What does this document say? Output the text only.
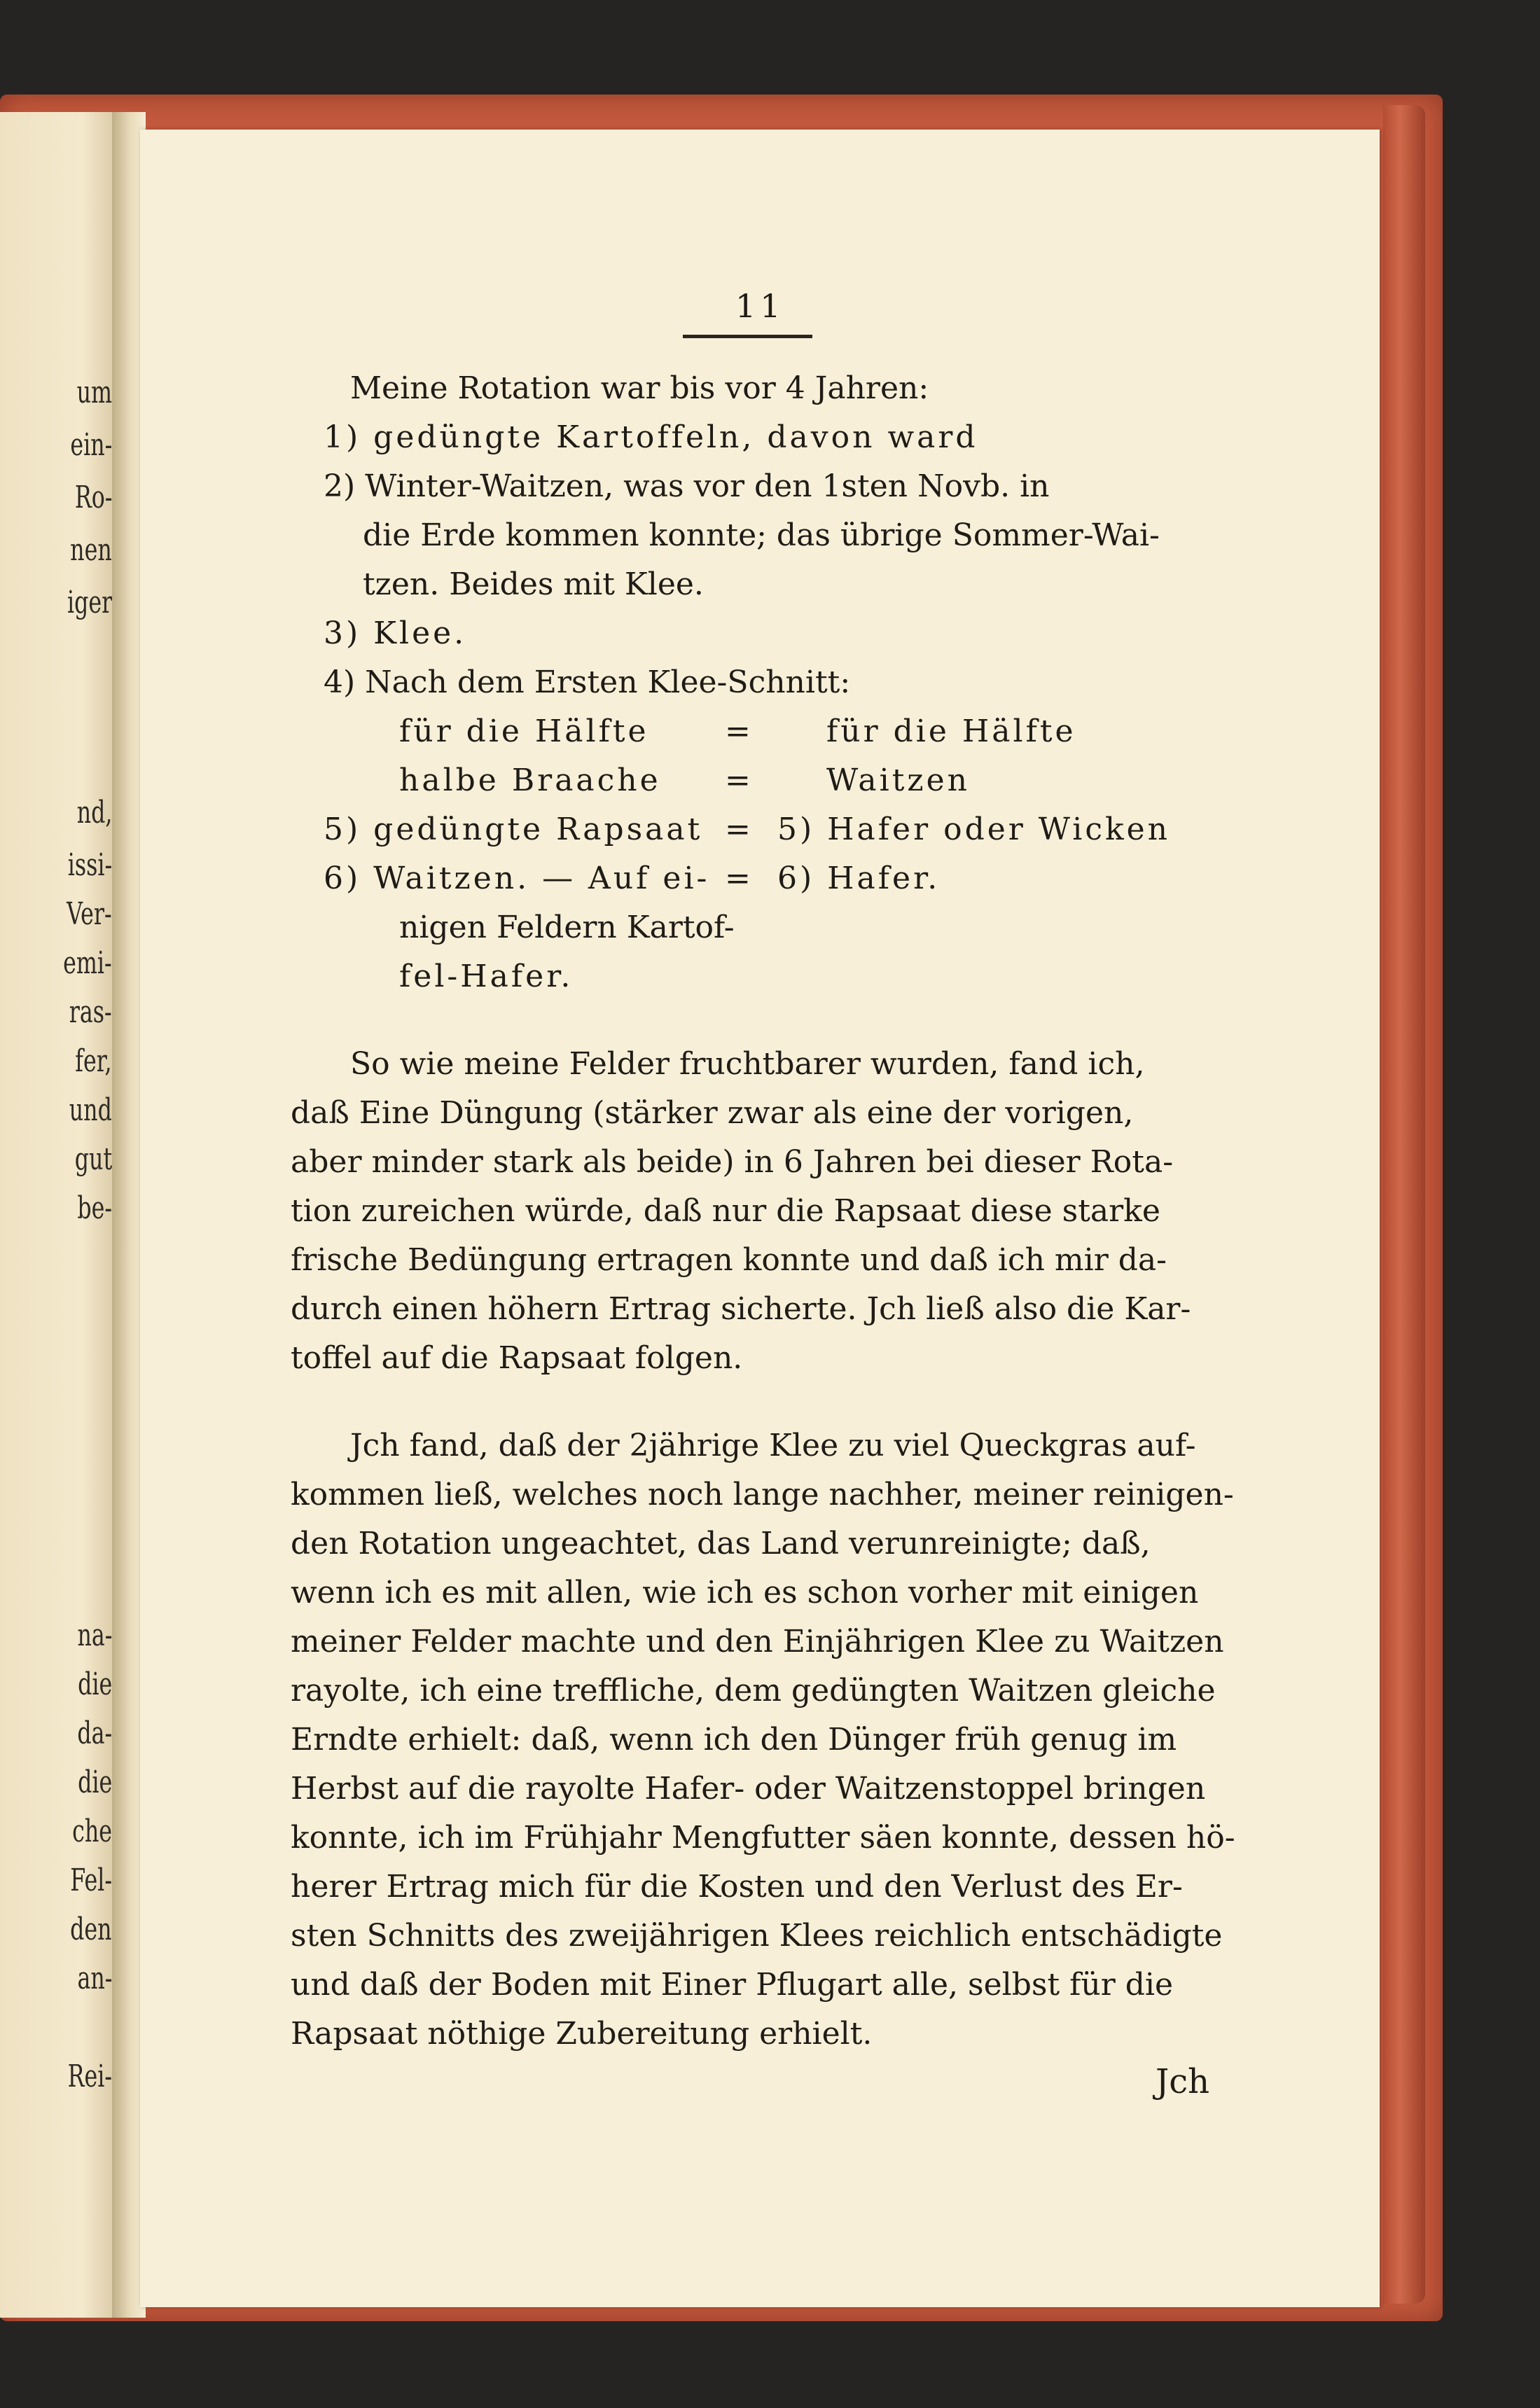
um
ein-
Ro-
nen
iger
nd,
issi-
Ver-
emi-
ras-
fer,
und
gut
be-
na-
die
da-
die
che
Fel-
den
an-
Rei-
11
Meine Rotation war bis vor 4 Jahren:
1) gedüngte Kartoffeln, davon ward
2) Winter-Waitzen, was vor den 1sten Novb. in
die Erde kommen konnte; das übrige Sommer-Wai-
tzen. Beides mit Klee.
3) Klee.
4) Nach dem Ersten Klee-Schnitt:
für die Hälfte = für die Hälfte
halbe Braache = Waitzen
5) gedüngte Rapsaat = 5) Hafer oder Wicken
6) Waitzen. — Auf ei- = 6) Hafer.
nigen Feldern Kartof-
fel-Hafer.
So wie meine Felder fruchtbarer wurden, fand ich,
daß Eine Düngung (stärker zwar als eine der vorigen,
aber minder stark als beide) in 6 Jahren bei dieser Rota-
tion zureichen würde, daß nur die Rapsaat diese starke
frische Bedüngung ertragen konnte und daß ich mir da-
durch einen höhern Ertrag sicherte. Jch ließ also die Kar-
toffel auf die Rapsaat folgen.
Jch fand, daß der 2jährige Klee zu viel Queckgras auf-
kommen ließ, welches noch lange nachher, meiner reinigen-
den Rotation ungeachtet, das Land verunreinigte; daß,
wenn ich es mit allen, wie ich es schon vorher mit einigen
meiner Felder machte und den Einjährigen Klee zu Waitzen
rayolte, ich eine treffliche, dem gedüngten Waitzen gleiche
Erndte erhielt: daß, wenn ich den Dünger früh genug im
Herbst auf die rayolte Hafer- oder Waitzenstoppel bringen
konnte, ich im Frühjahr Mengfutter säen konnte, dessen hö-
herer Ertrag mich für die Kosten und den Verlust des Er-
sten Schnitts des zweijährigen Klees reichlich entschädigte
und daß der Boden mit Einer Pflugart alle, selbst für die
Rapsaat nöthige Zubereitung erhielt.
Jch
